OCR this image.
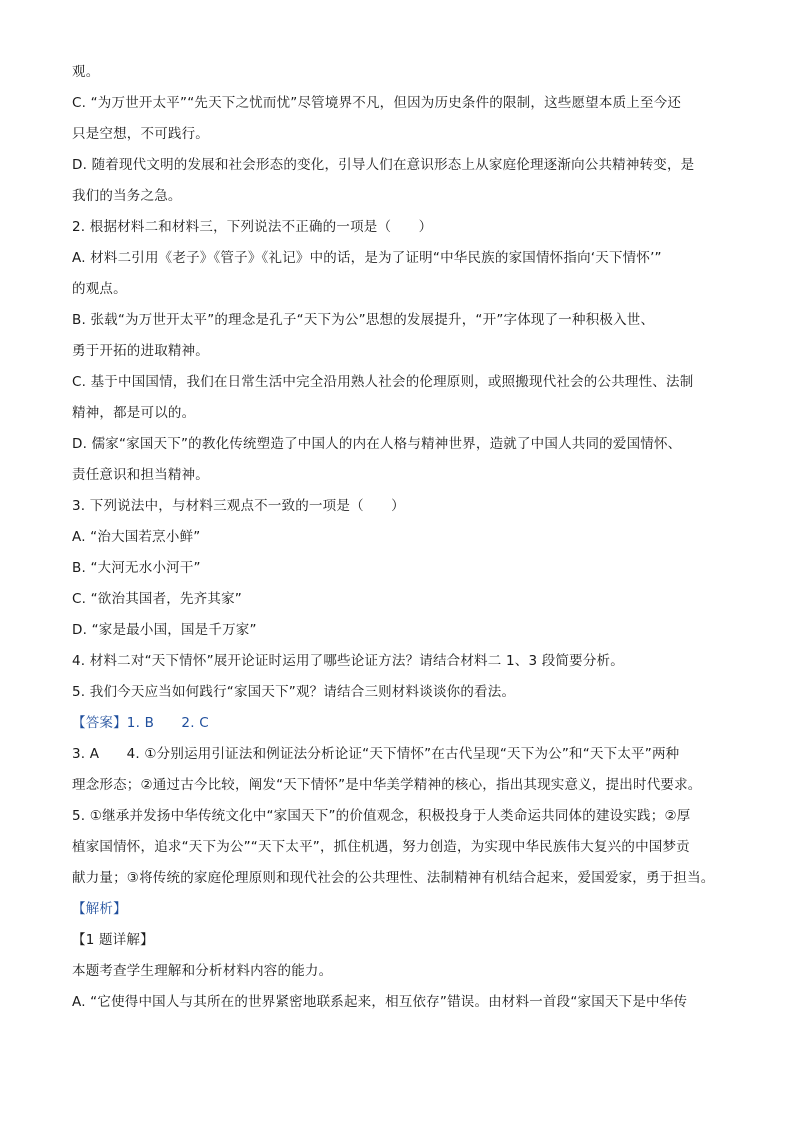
观。
C. “为万世开太平”“先天下之忧而忧”尽管境界不凡，但因为历史条件的限制，这些愿望本质上至今还
只是空想，不可践行。
D. 随着现代文明的发展和社会形态的变化，引导人们在意识形态上从家庭伦理逐渐向公共精神转变，是
我们的当务之急。
2. 根据材料二和材料三，下列说法不正确的一项是（　　）
A. 材料二引用《老子》《管子》《礼记》中的话，是为了证明“中华民族的家国情怀指向‘天下情怀’”
的观点。
B. 张载“为万世开太平”的理念是孔子“天下为公”思想的发展提升，“开”字体现了一种积极入世、
勇于开拓的进取精神。
C. 基于中国国情，我们在日常生活中完全沿用熟人社会的伦理原则，或照搬现代社会的公共理性、法制
精神，都是可以的。
D. 儒家“家国天下”的教化传统塑造了中国人的内在人格与精神世界，造就了中国人共同的爱国情怀、
责任意识和担当精神。
3. 下列说法中，与材料三观点不一致的一项是（　　）
A. “治大国若烹小鲜”
B. “大河无水小河干”
C. “欲治其国者，先齐其家”
D. “家是最小国，国是千万家”
4. 材料二对“天下情怀”展开论证时运用了哪些论证方法？请结合材料二 1、3 段简要分析。
5. 我们今天应当如何践行“家国天下”观？请结合三则材料谈谈你的看法。
【答案】1. B　　2. C
3. A　　4. ①分别运用引证法和例证法分析论证“天下情怀”在古代呈现“天下为公”和“天下太平”两种
理念形态；②通过古今比较，阐发“天下情怀”是中华美学精神的核心，指出其现实意义，提出时代要求。
5. ①继承并发扬中华传统文化中“家国天下”的价值观念，积极投身于人类命运共同体的建设实践；②厚
植家国情怀，追求“天下为公”“天下太平”，抓住机遇，努力创造，为实现中华民族伟大复兴的中国梦贡
献力量；③将传统的家庭伦理原则和现代社会的公共理性、法制精神有机结合起来，爱国爱家，勇于担当。
【解析】
【1 题详解】
本题考查学生理解和分析材料内容的能力。
A. “它使得中国人与其所在的世界紧密地联系起来，相互依存”错误。由材料一首段“家国天下是中华传
